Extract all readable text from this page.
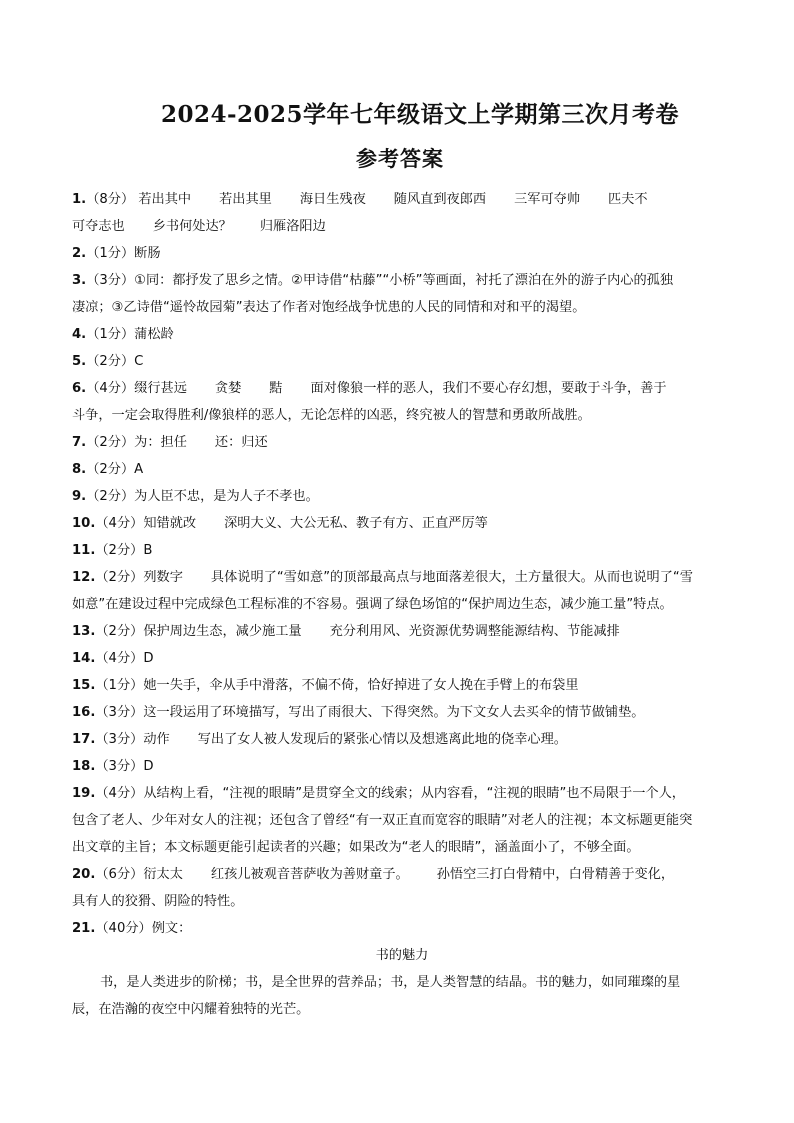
2024-2025学年七年级语文上学期第三次月考卷
参考答案
1.（8分） 若出其中 若出其里 海日生残夜 随风直到夜郎西 三军可夺帅 匹夫不
可夺志也 乡书何处达？ 归雁洛阳边
2.（1分）断肠
3.（3分）①同：都抒发了思乡之情。②甲诗借“枯藤”“小桥”等画面，衬托了漂泊在外的游子内心的孤独
凄凉；③乙诗借“遥怜故园菊”表达了作者对饱经战争忧患的人民的同情和对和平的渴望。
4.（1分）蒲松龄
5.（2分）C
6.（4分）缀行甚远 贪婪 黠 面对像狼一样的恶人，我们不要心存幻想，要敢于斗争，善于
斗争，一定会取得胜利/像狼样的恶人，无论怎样的凶恶，终究被人的智慧和勇敢所战胜。
7.（2分）为：担任 还：归还
8.（2分）A
9.（2分）为人臣不忠，是为人子不孝也。
10.（4分）知错就改 深明大义、大公无私、教子有方、正直严厉等
11.（2分）B
12.（2分）列数字 具体说明了“雪如意”的顶部最高点与地面落差很大，土方量很大。从而也说明了“雪
如意”在建设过程中完成绿色工程标准的不容易。强调了绿色场馆的“保护周边生态，减少施工量”特点。
13.（2分）保护周边生态，减少施工量 充分利用风、光资源优势调整能源结构、节能减排
14.（4分）D
15.（1分）她一失手，伞从手中滑落，不偏不倚，恰好掉进了女人挽在手臂上的布袋里
16.（3分）这一段运用了环境描写，写出了雨很大、下得突然。为下文女人去买伞的情节做铺垫。
17.（3分）动作 写出了女人被人发现后的紧张心情以及想逃离此地的侥幸心理。
18.（3分）D
19.（4分）从结构上看，“注视的眼睛”是贯穿全文的线索；从内容看，“注视的眼睛”也不局限于一个人，
包含了老人、少年对女人的注视；还包含了曾经“有一双正直而宽容的眼睛”对老人的注视；本文标题更能突
出文章的主旨；本文标题更能引起读者的兴趣；如果改为“老人的眼睛”，涵盖面小了，不够全面。
20.（6分）衍太太 红孩儿被观音菩萨收为善财童子。 孙悟空三打白骨精中，白骨精善于变化，
具有人的狡猾、阴险的特性。
21.（40分）例文：
书的魅力
书，是人类进步的阶梯；书，是全世界的营养品；书，是人类智慧的结晶。书的魅力，如同璀璨的星
辰，在浩瀚的夜空中闪耀着独特的光芒。
